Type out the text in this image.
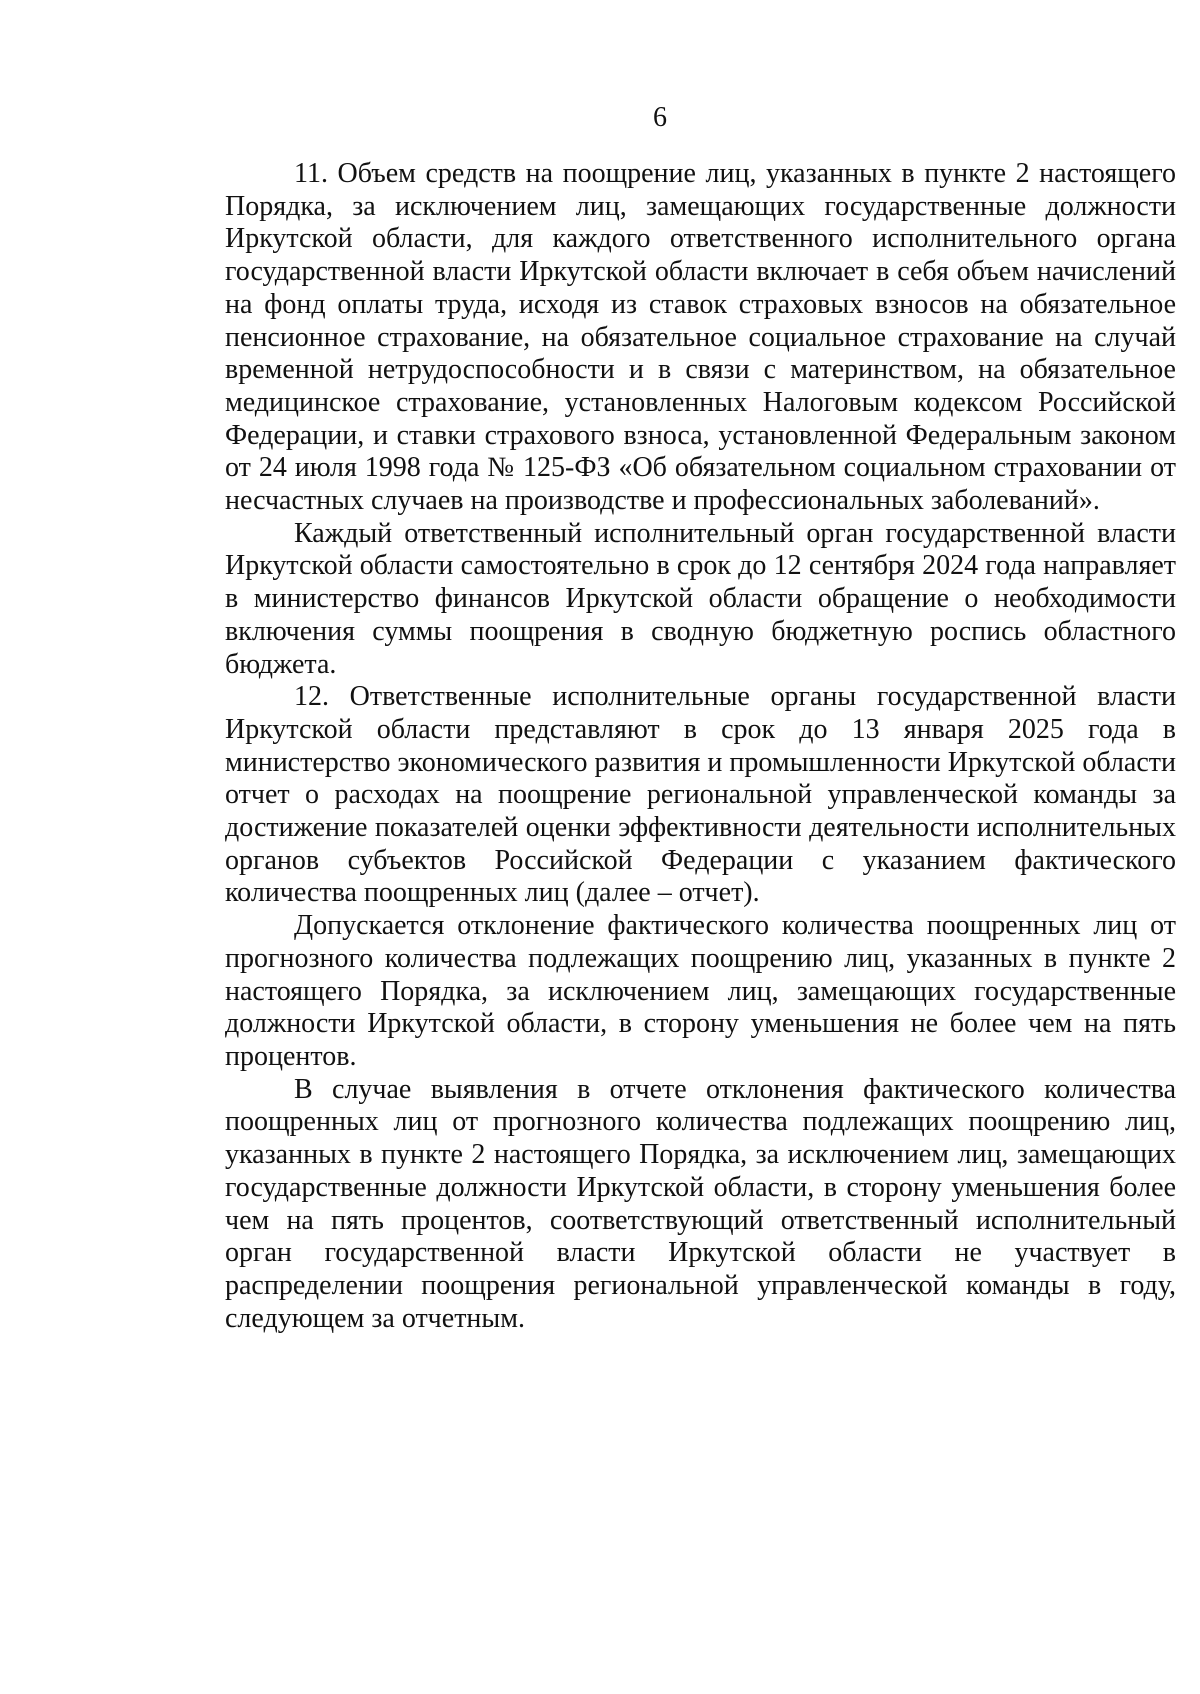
6

11. Объем средств на поощрение лиц, указанных в пункте 2 настоящего Порядка, за исключением лиц, замещающих государственные должности Иркутской области, для каждого ответственного исполнительного органа государственной власти Иркутской области включает в себя объем начислений на фонд оплаты труда, исходя из ставок страховых взносов на обязательное пенсионное страхование, на обязательное социальное страхование на случай временной нетрудоспособности и в связи с материнством, на обязательное медицинское страхование, установленных Налоговым кодексом Российской Федерации, и ставки страхового взноса, установленной Федеральным законом от 24 июля 1998 года № 125-ФЗ «Об обязательном социальном страховании от несчастных случаев на производстве и профессиональных заболеваний».

Каждый ответственный исполнительный орган государственной власти Иркутской области самостоятельно в срок до 12 сентября 2024 года направляет в министерство финансов Иркутской области обращение о необходимости включения суммы поощрения в сводную бюджетную роспись областного бюджета.

12. Ответственные исполнительные органы государственной власти Иркутской области представляют в срок до 13 января 2025 года в министерство экономического развития и промышленности Иркутской области отчет о расходах на поощрение региональной управленческой команды за достижение показателей оценки эффективности деятельности исполнительных органов субъектов Российской Федерации с указанием фактического количества поощренных лиц (далее – отчет).

Допускается отклонение фактического количества поощренных лиц от прогнозного количества подлежащих поощрению лиц, указанных в пункте 2 настоящего Порядка, за исключением лиц, замещающих государственные должности Иркутской области, в сторону уменьшения не более чем на пять процентов.

В случае выявления в отчете отклонения фактического количества поощренных лиц от прогнозного количества подлежащих поощрению лиц, указанных в пункте 2 настоящего Порядка, за исключением лиц, замещающих государственные должности Иркутской области, в сторону уменьшения более чем на пять процентов, соответствующий ответственный исполнительный орган государственной власти Иркутской области не участвует в распределении поощрения региональной управленческой команды в году, следующем за отчетным.
